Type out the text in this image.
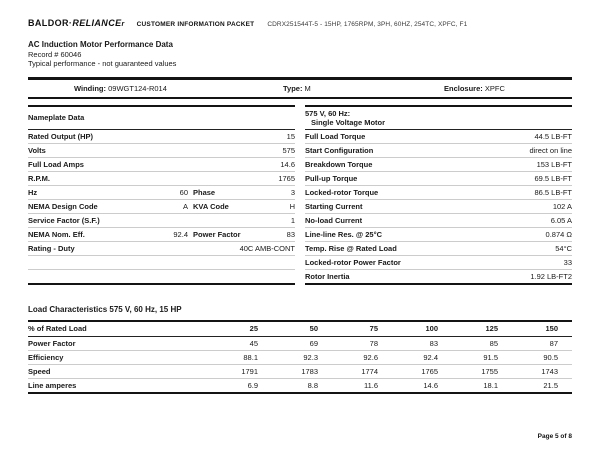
BALDOR·RELIANCEr CUSTOMER INFORMATION PACKET CDRX251544T-5 - 15HP, 1765RPM, 3PH, 60HZ, 254TC, XPFC, F1
AC Induction Motor Performance Data
Record # 60046
Typical performance - not guaranteed values
Winding: 09WGT124-R014	Type: M	Enclosure: XPFC
Nameplate Data
Rated Output (HP)	15
Volts	575
Full Load Amps	14.6
R.P.M.	1765
Hz	60 Phase	3
NEMA Design Code	A KVA Code	H
Service Factor (S.F.)	1
NEMA Nom. Eff.	92.4 Power Factor	83
Rating - Duty	40C AMB-CONT
575 V, 60 Hz:
Single Voltage Motor
Full Load Torque	44.5 LB-FT
Start Configuration	direct on line
Breakdown Torque	153 LB-FT
Pull-up Torque	69.5 LB-FT
Locked-rotor Torque	86.5 LB-FT
Starting Current	102 A
No-load Current	6.05 A
Line-line Res. @ 25°C	0.874 Ω
Temp. Rise @ Rated Load	54°C
Locked-rotor Power Factor	33
Rotor Inertia	1.92 LB-FT2
Load Characteristics 575 V, 60 Hz, 15 HP
% of Rated Load	25	50	75	100	125	150
Power Factor	45	69	78	83	85	87
Efficiency	88.1	92.3	92.6	92.4	91.5	90.5
Speed	1791	1783	1774	1765	1755	1743
Line amperes	6.9	8.8	11.6	14.6	18.1	21.5
Page 5 of 8
